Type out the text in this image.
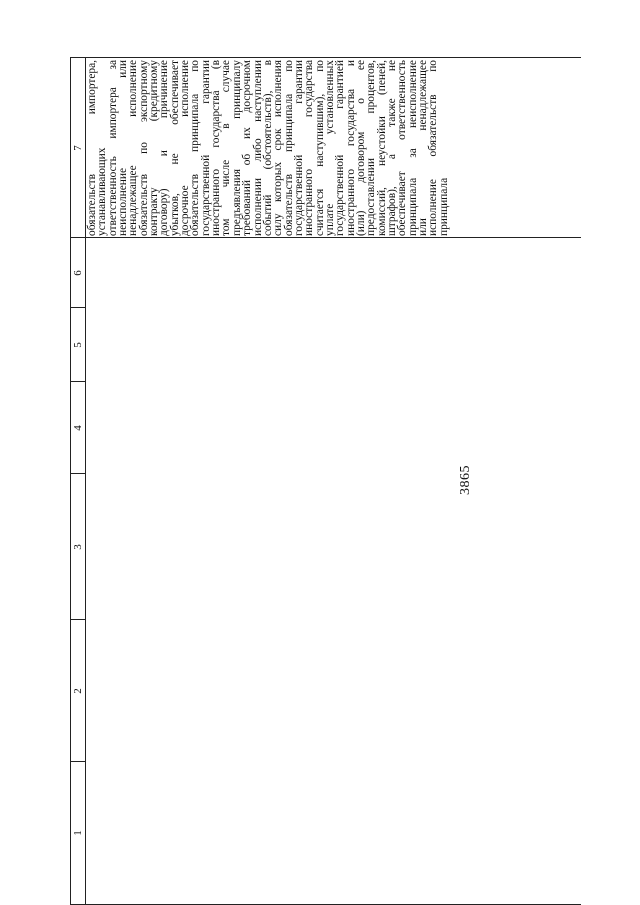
3865
1
2
3
4
5
6
7 обязательств импортера,
устанавливающих
ответственность импортера за
неисполнение или
ненадлежащее исполнение
обязательств по экспортному
контракту (кредитному
договору) и причинение
убытков, не обеспечивает
досрочное исполнение
обязательств принципала по
государственной гарантии
иностранного государства (в
том числе в случае
предъявления принципалу
требований об их досрочном
исполнении либо наступлении
событий (обстоятельств), в
силу которых срок исполнения
обязательств принципала по
государственной гарантии
иностранного государства
считается наступившим), по
уплате установленных
государственной гарантией
иностранного государства и
(или) договором о ее
предоставлении процентов,
комиссий, неустойки (пеней,
штрафов), а также не
обеспечивает ответственность
принципала за неисполнение
или ненадлежащее
исполнение обязательств по
принципала
